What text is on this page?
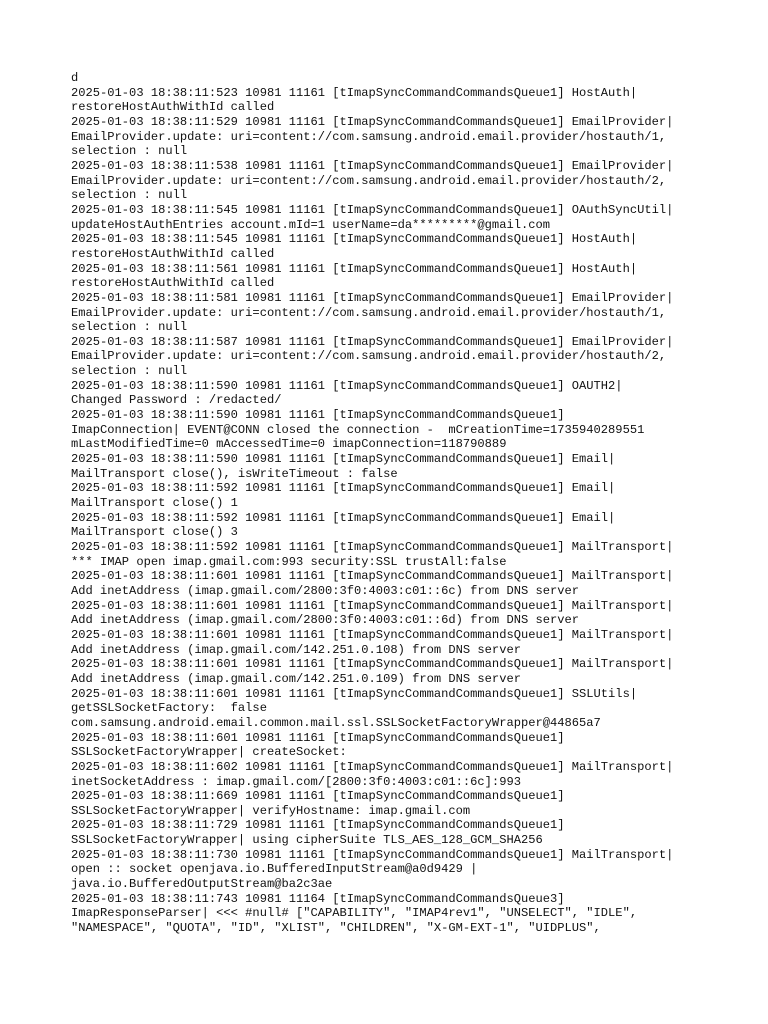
d
2025-01-03 18:38:11:523 10981 11161 [tImapSyncCommandCommandsQueue1] HostAuth|
restoreHostAuthWithId called
2025-01-03 18:38:11:529 10981 11161 [tImapSyncCommandCommandsQueue1] EmailProvider|
EmailProvider.update: uri=content://com.samsung.android.email.provider/hostauth/1,
selection : null
2025-01-03 18:38:11:538 10981 11161 [tImapSyncCommandCommandsQueue1] EmailProvider|
EmailProvider.update: uri=content://com.samsung.android.email.provider/hostauth/2,
selection : null
2025-01-03 18:38:11:545 10981 11161 [tImapSyncCommandCommandsQueue1] OAuthSyncUtil|
updateHostAuthEntries account.mId=1 userName=da*********@gmail.com
2025-01-03 18:38:11:545 10981 11161 [tImapSyncCommandCommandsQueue1] HostAuth|
restoreHostAuthWithId called
2025-01-03 18:38:11:561 10981 11161 [tImapSyncCommandCommandsQueue1] HostAuth|
restoreHostAuthWithId called
2025-01-03 18:38:11:581 10981 11161 [tImapSyncCommandCommandsQueue1] EmailProvider|
EmailProvider.update: uri=content://com.samsung.android.email.provider/hostauth/1,
selection : null
2025-01-03 18:38:11:587 10981 11161 [tImapSyncCommandCommandsQueue1] EmailProvider|
EmailProvider.update: uri=content://com.samsung.android.email.provider/hostauth/2,
selection : null
2025-01-03 18:38:11:590 10981 11161 [tImapSyncCommandCommandsQueue1] OAUTH2|
Changed Password : /redacted/
2025-01-03 18:38:11:590 10981 11161 [tImapSyncCommandCommandsQueue1]
ImapConnection| EVENT@CONN closed the connection -  mCreationTime=1735940289551
mLastModifiedTime=0 mAccessedTime=0 imapConnection=118790889
2025-01-03 18:38:11:590 10981 11161 [tImapSyncCommandCommandsQueue1] Email|
MailTransport close(), isWriteTimeout : false
2025-01-03 18:38:11:592 10981 11161 [tImapSyncCommandCommandsQueue1] Email|
MailTransport close() 1
2025-01-03 18:38:11:592 10981 11161 [tImapSyncCommandCommandsQueue1] Email|
MailTransport close() 3
2025-01-03 18:38:11:592 10981 11161 [tImapSyncCommandCommandsQueue1] MailTransport|
*** IMAP open imap.gmail.com:993 security:SSL trustAll:false
2025-01-03 18:38:11:601 10981 11161 [tImapSyncCommandCommandsQueue1] MailTransport|
Add inetAddress (imap.gmail.com/2800:3f0:4003:c01::6c) from DNS server
2025-01-03 18:38:11:601 10981 11161 [tImapSyncCommandCommandsQueue1] MailTransport|
Add inetAddress (imap.gmail.com/2800:3f0:4003:c01::6d) from DNS server
2025-01-03 18:38:11:601 10981 11161 [tImapSyncCommandCommandsQueue1] MailTransport|
Add inetAddress (imap.gmail.com/142.251.0.108) from DNS server
2025-01-03 18:38:11:601 10981 11161 [tImapSyncCommandCommandsQueue1] MailTransport|
Add inetAddress (imap.gmail.com/142.251.0.109) from DNS server
2025-01-03 18:38:11:601 10981 11161 [tImapSyncCommandCommandsQueue1] SSLUtils|
getSSLSocketFactory:  false
com.samsung.android.email.common.mail.ssl.SSLSocketFactoryWrapper@44865a7
2025-01-03 18:38:11:601 10981 11161 [tImapSyncCommandCommandsQueue1]
SSLSocketFactoryWrapper| createSocket:
2025-01-03 18:38:11:602 10981 11161 [tImapSyncCommandCommandsQueue1] MailTransport|
inetSocketAddress : imap.gmail.com/[2800:3f0:4003:c01::6c]:993
2025-01-03 18:38:11:669 10981 11161 [tImapSyncCommandCommandsQueue1]
SSLSocketFactoryWrapper| verifyHostname: imap.gmail.com
2025-01-03 18:38:11:729 10981 11161 [tImapSyncCommandCommandsQueue1]
SSLSocketFactoryWrapper| using cipherSuite TLS_AES_128_GCM_SHA256
2025-01-03 18:38:11:730 10981 11161 [tImapSyncCommandCommandsQueue1] MailTransport|
open :: socket openjava.io.BufferedInputStream@a0d9429 |
java.io.BufferedOutputStream@ba2c3ae
2025-01-03 18:38:11:743 10981 11164 [tImapSyncCommandCommandsQueue3]
ImapResponseParser| <<< #null# ["CAPABILITY", "IMAP4rev1", "UNSELECT", "IDLE",
"NAMESPACE", "QUOTA", "ID", "XLIST", "CHILDREN", "X-GM-EXT-1", "UIDPLUS",
